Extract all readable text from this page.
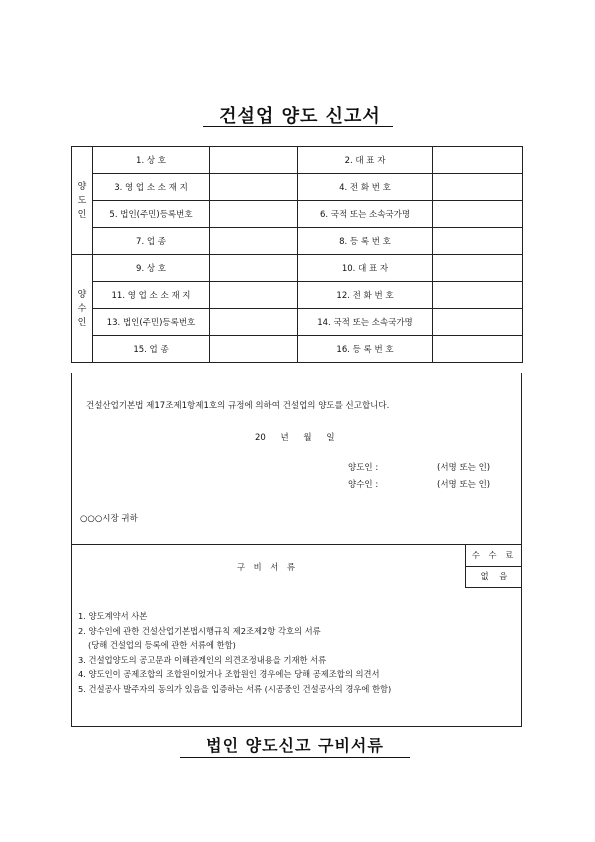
건설업 양도 신고서
양
도
인	1. 상 호		2. 대 표 자	
	3. 영 업 소 소 재 지		4. 전 화 번 호	
	5. 법인(주민)등록번호		6. 국적 또는 소속국가명	
	7. 업 종		8. 등 록 번 호	

양
수
인	9. 상 호		10. 대 표 자	
	11. 영 업 소 소 재 지		12. 전 화 번 호	
	13. 법인(주민)등록번호		14. 국적 또는 소속국가명	
	15. 업 종		16. 등 록 번 호	
건설산업기본법 제17조제1항제1호의 규정에 의하여 건설업의 양도를 신고합니다.
20 년 월 일
양도인 :	(서명 또는 인)
양수인 :	(서명 또는 인)
○○○시장 귀하
구 비 서 류
수 수 료
없 음
1. 양도계약서 사본
2. 양수인에 관한 건설산업기본법시행규칙 제2조제2항 각호의 서류
(당해 건설업의 등록에 관한 서류에 한함)
3. 건설업양도의 공고문과 이해관계인의 의견조정내용을 기재한 서류
4. 양도인이 공제조합의 조합원이었거나 조합원인 경우에는 당해 공제조합의 의견서
5. 건설공사 발주자의 동의가 있음을 입증하는 서류 (시공중인 건설공사의 경우에 한함)
법인 양도신고 구비서류
